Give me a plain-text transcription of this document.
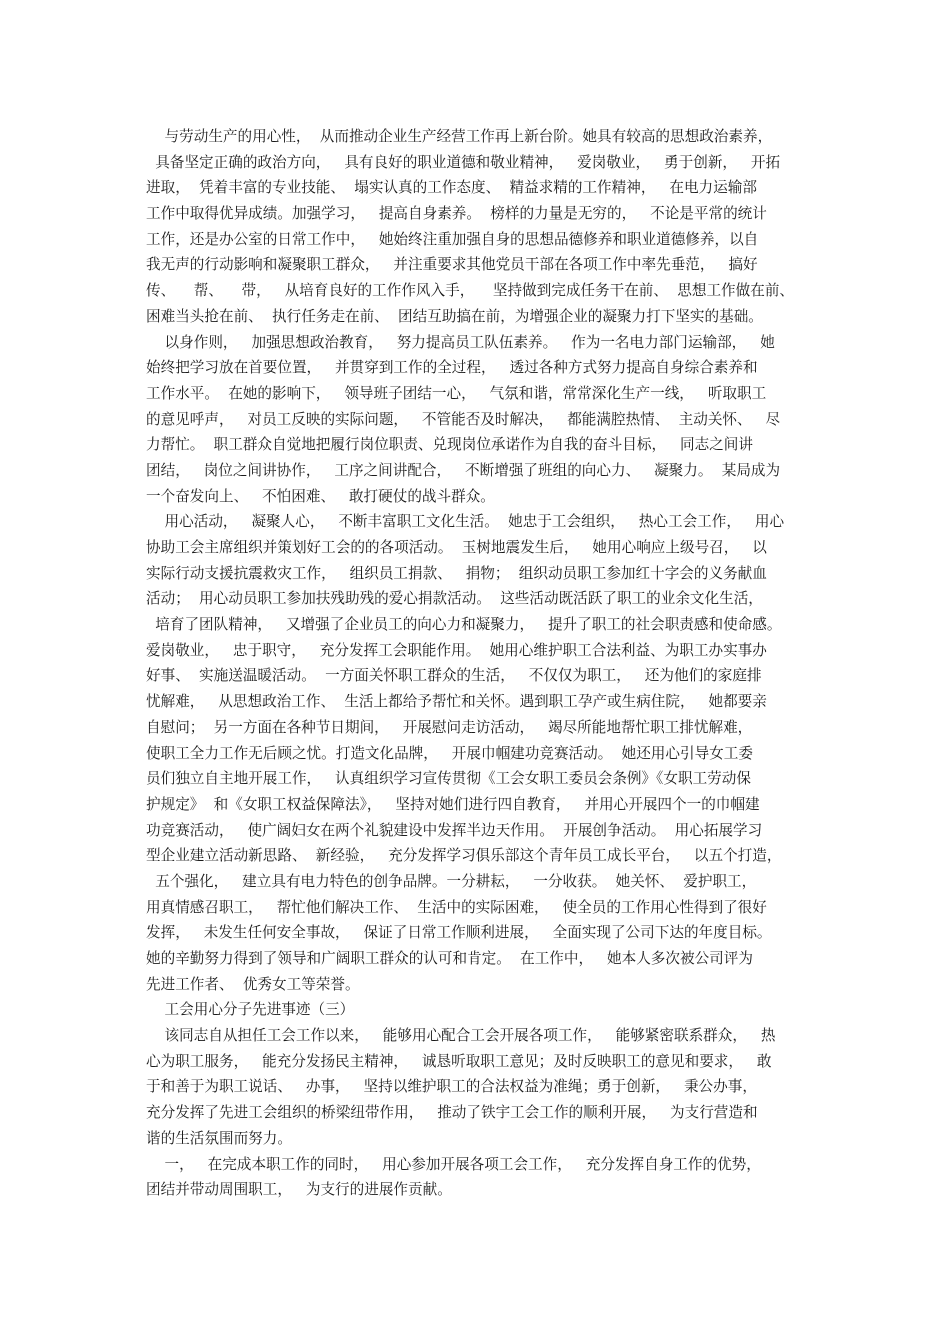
与劳动生产的用心性，  从而推动企业生产经营工作再上新台阶。她具有较高的思想政治素养，
具备坚定正确的政治方向，   具有良好的职业道德和敬业精神，   爱岗敬业，   勇于创新，   开拓
进取，  凭着丰富的专业技能、  塌实认真的工作态度、  精益求精的工作精神，   在电力运输部
工作中取得优异成绩。加强学习，   提高自身素养。  榜样的力量是无穷的，   不论是平常的统计
工作，还是办公室的日常工作中，   她始终注重加强自身的思想品德修养和职业道德修养，以自
我无声的行动影响和凝聚职工群众，   并注重要求其他党员干部在各项工作中率先垂范，   搞好
传、    帮、    带，   从培育良好的工作作风入手，    坚持做到完成任务干在前、  思想工作做在前、
困难当头抢在前、  执行任务走在前、  团结互助搞在前，为增强企业的凝聚力打下坚实的基础。
以身作则，   加强思想政治教育，   努力提高员工队伍素养。   作为一名电力部门运输部，   她
始终把学习放在首要位置，   并贯穿到工作的全过程，   透过各种方式努力提高自身综合素养和
工作水平。  在她的影响下，   领导班子团结一心，   气氛和谐，常常深化生产一线，   听取职工
的意见呼声，   对员工反映的实际问题，   不管能否及时解决，   都能满腔热情、  主动关怀、   尽
力帮忙。  职工群众自觉地把履行岗位职责、兑现岗位承诺作为自我的奋斗目标，   同志之间讲
团结，   岗位之间讲协作，   工序之间讲配合，   不断增强了班组的向心力、   凝聚力。  某局成为
一个奋发向上、   不怕困难、   敢打硬仗的战斗群众。
用心活动，   凝聚人心，   不断丰富职工文化生活。  她忠于工会组织，   热心工会工作，   用心
协助工会主席组织并策划好工会的的各项活动。  玉树地震发生后，   她用心响应上级号召，   以
实际行动支援抗震救灾工作，   组织员工捐款、   捐物；  组织动员职工参加红十字会的义务献血
活动；  用心动员职工参加扶残助残的爱心捐款活动。  这些活动既活跃了职工的业余文化生活，
培育了团队精神，   又增强了企业员工的向心力和凝聚力，   提升了职工的社会职责感和使命感。
爱岗敬业，   忠于职守，   充分发挥工会职能作用。  她用心维护职工合法利益、为职工办实事办
好事、  实施送温暖活动。  一方面关怀职工群众的生活，   不仅仅为职工，   还为他们的家庭排
忧解难，   从思想政治工作、  生活上都给予帮忙和关怀。遇到职工孕产或生病住院，   她都要亲
自慰问；  另一方面在各种节日期间，   开展慰问走访活动，   竭尽所能地帮忙职工排忧解难，
使职工全力工作无后顾之忧。打造文化品牌，   开展巾帼建功竞赛活动。  她还用心引导女工委
员们独立自主地开展工作，   认真组织学习宣传贯彻《工会女职工委员会条例》《女职工劳动保
护规定》  和《女职工权益保障法》，   坚持对她们进行四自教育，   并用心开展四个一的巾帼建
功竞赛活动，   使广阔妇女在两个礼貌建设中发挥半边天作用。  开展创争活动。  用心拓展学习
型企业建立活动新思路、  新经验，   充分发挥学习俱乐部这个青年员工成长平台，   以五个打造，
五个强化，   建立具有电力特色的创争品牌。一分耕耘，   一分收获。  她关怀、  爱护职工，
用真情感召职工，   帮忙他们解决工作、  生活中的实际困难，   使全员的工作用心性得到了很好
发挥，   未发生任何安全事故，   保证了日常工作顺利进展，   全面实现了公司下达的年度目标。
她的辛勤努力得到了领导和广阔职工群众的认可和肯定。  在工作中，   她本人多次被公司评为
先进工作者、  优秀女工等荣誉。
工会用心分子先进事迹（三）
该同志自从担任工会工作以来，   能够用心配合工会开展各项工作，   能够紧密联系群众，   热
心为职工服务，   能充分发扬民主精神，   诚恳听取职工意见；及时反映职工的意见和要求，   敢
于和善于为职工说话、   办事，   坚持以维护职工的合法权益为准绳；勇于创新，   秉公办事，
充分发挥了先进工会组织的桥梁纽带作用，   推动了铁宇工会工作的顺利开展，   为支行营造和
谐的生活氛围而努力。
一，   在完成本职工作的同时，   用心参加开展各项工会工作，   充分发挥自身工作的优势，
团结并带动周围职工，   为支行的进展作贡献。
